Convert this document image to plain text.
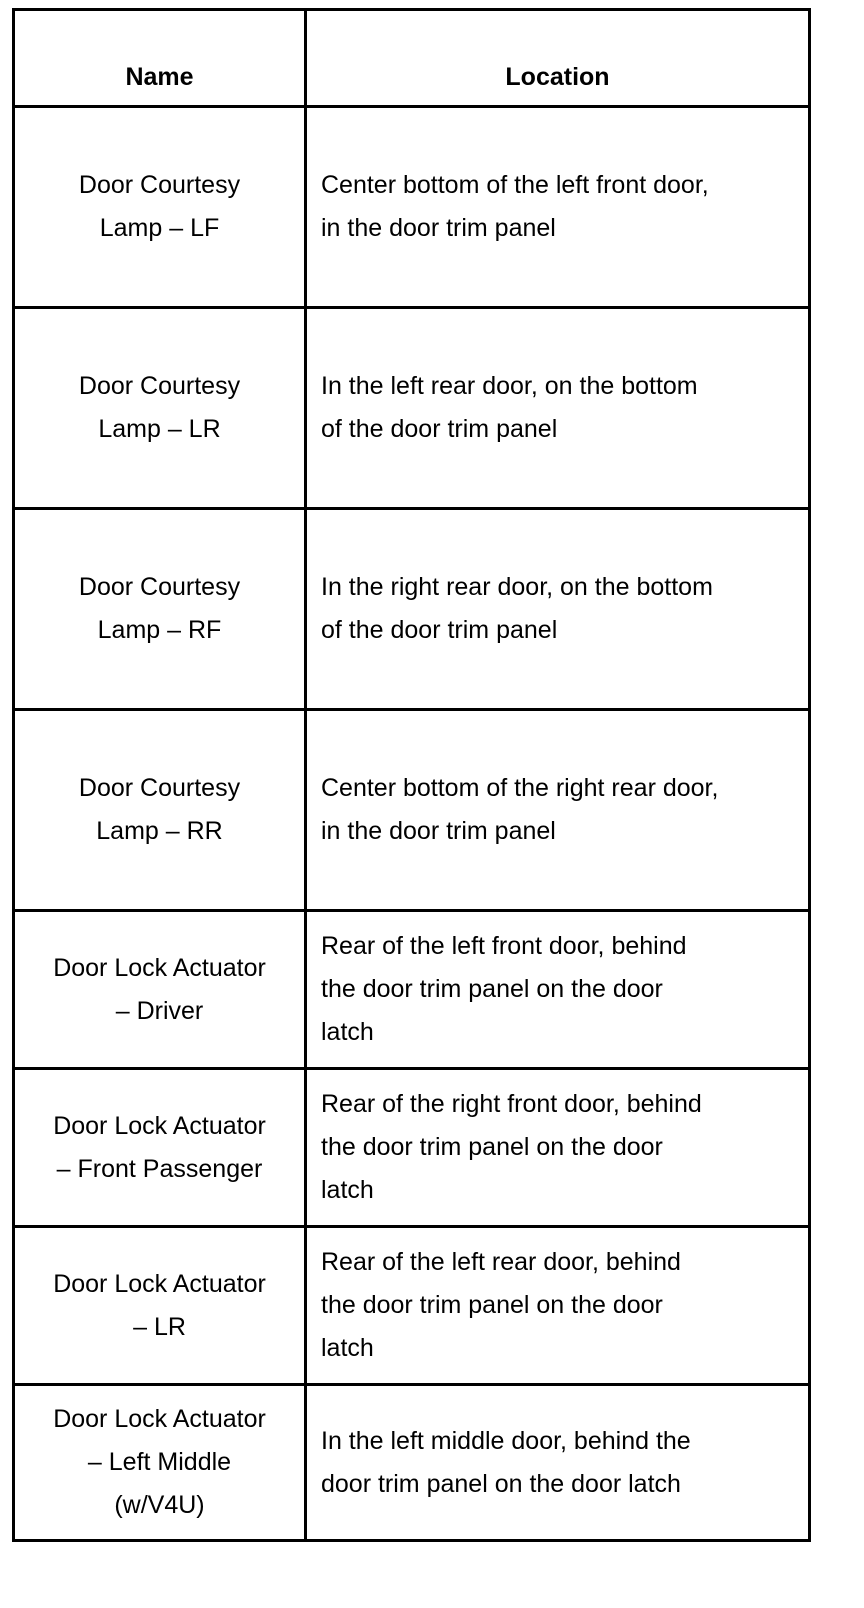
Name	Location

Door Courtesy
Lamp – LF	Center bottom of the left front door,
in the door trim panel

Door Courtesy
Lamp – LR	In the left rear door, on the bottom
of the door trim panel

Door Courtesy
Lamp – RF	In the right rear door, on the bottom
of the door trim panel

Door Courtesy
Lamp – RR	Center bottom of the right rear door,
in the door trim panel

Door Lock Actuator
– Driver	Rear of the left front door, behind
the door trim panel on the door
latch

Door Lock Actuator
– Front Passenger	Rear of the right front door, behind
the door trim panel on the door
latch

Door Lock Actuator
– LR	Rear of the left rear door, behind
the door trim panel on the door
latch

Door Lock Actuator
– Left Middle
(w/V4U)	In the left middle door, behind the
door trim panel on the door latch
